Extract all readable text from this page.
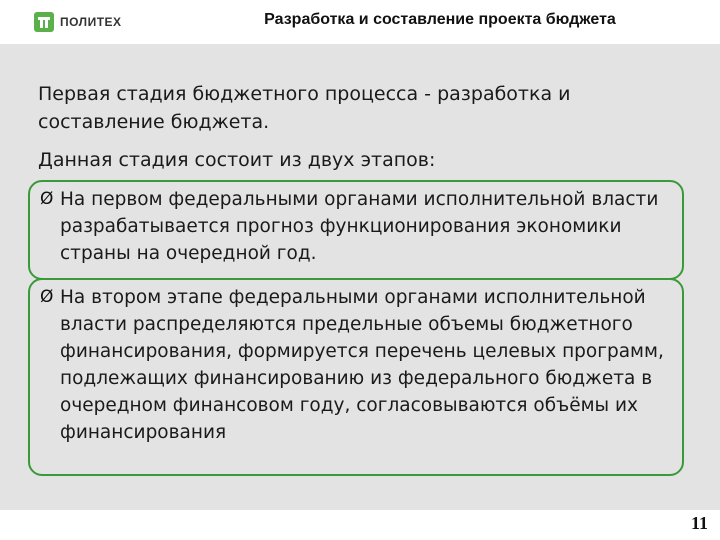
ПОЛИТЕХ	Разработка и составление проекта бюджета

Первая стадия бюджетного процесса - разработка и составление бюджета.

Данная стадия состоит из двух этапов:

Ø На первом федеральными органами исполнительной власти разрабатывается прогноз функционирования экономики страны на очередной год.
Ø На втором этапе федеральными органами исполнительной власти распределяются предельные объемы бюджетного финансирования, формируется перечень целевых программ, подлежащих финансированию из федерального бюджета в очередном финансовом году, согласовываются объёмы их финансирования
11
